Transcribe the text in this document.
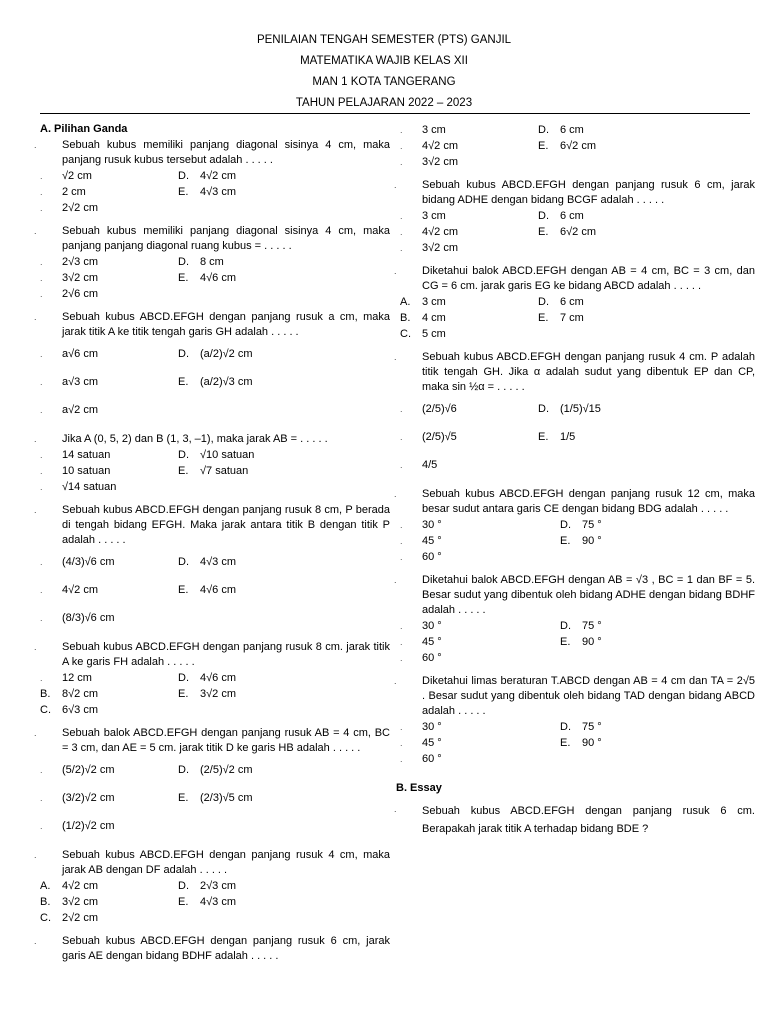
PENILAIAN TENGAH SEMESTER (PTS) GANJIL
MATEMATIKA WAJIB KELAS XII
MAN 1 KOTA TANGERANG
TAHUN PELAJARAN 2022 – 2023
A. Pilihan Ganda
. Sebuah kubus memiliki panjang diagonal sisinya 4 cm, maka panjang rusuk kubus tersebut adalah . . . . .
.	√2 cm	D.	4√2 cm
.	2 cm	E.	4√3 cm
.	2√2 cm
. Sebuah kubus memiliki panjang diagonal sisinya 4 cm, maka panjang panjang diagonal ruang kubus = . . . . .
.	2√3 cm	D.	8 cm
.	3√2 cm	E.	4√6 cm
.	2√6 cm
. Sebuah kubus ABCD.EFGH dengan panjang rusuk a cm, maka jarak titik A ke titik tengah garis GH adalah . . . . .
.	a√6 cm	D.	(a/2)√2 cm
.	a√3 cm	E.	(a/2)√3 cm
.	a√2 cm
. Jika A (0, 5, 2) dan B (1, 3, –1), maka jarak AB = . . . . .
.	14 satuan	D.	√10 satuan
.	10 satuan	E.	√7 satuan
.	√14 satuan
. Sebuah kubus ABCD.EFGH dengan panjang rusuk 8 cm, P berada di tengah bidang EFGH. Maka jarak antara titik B dengan titik P adalah . . . . .
.	(4/3)√6 cm	D.	4√3 cm
.	4√2 cm	E.	4√6 cm
.	(8/3)√6 cm
. Sebuah kubus ABCD.EFGH dengan panjang rusuk 8 cm. jarak titik A ke garis FH adalah . . . . .
.	12 cm	D.	4√6 cm
B.	8√2 cm	E.	3√2 cm
C.	6√3 cm
. Sebuah balok ABCD.EFGH dengan panjang rusuk AB = 4 cm, BC = 3 cm, dan AE = 5 cm. jarak titik D ke garis HB adalah . . . . .
.	(5/2)√2 cm	D.	(2/5)√2 cm
.	(3/2)√2 cm	E.	(2/3)√5 cm
.	(1/2)√2 cm
. Sebuah kubus ABCD.EFGH dengan panjang rusuk 4 cm, maka jarak AB dengan DF adalah . . . . .
A.	4√2 cm	D.	2√3 cm
B.	3√2 cm	E.	4√3 cm
C.	2√2 cm
. Sebuah kubus ABCD.EFGH dengan panjang rusuk 6 cm, jarak garis AE dengan bidang BDHF adalah . . . . .
.	3 cm	D.	6 cm
.	4√2 cm	E.	6√2 cm
.	3√2 cm
. Sebuah kubus ABCD.EFGH dengan panjang rusuk 6 cm, jarak bidang ADHE dengan bidang BCGF adalah . . . . .
.	3 cm	D.	6 cm
.	4√2 cm	E.	6√2 cm
.	3√2 cm
. Diketahui balok ABCD.EFGH dengan AB = 4 cm, BC = 3 cm, dan CG = 6 cm. jarak garis EG ke bidang ABCD adalah . . . . .
A.	3 cm	D.	6 cm
B.	4 cm	E.	7 cm
C.	5 cm
. Sebuah kubus ABCD.EFGH dengan panjang rusuk 4 cm. P adalah titik tengah GH. Jika α adalah sudut yang dibentuk EP dan CP, maka sin ½α = . . . . .
.	(2/5)√6	D.	(1/5)√15
.	(2/5)√5	E.	1/5
.	4/5
. Sebuah kubus ABCD.EFGH dengan panjang rusuk 12 cm, maka besar sudut antara garis CE dengan bidang BDG adalah . . . . .
.	30 °	D.	75 °
.	45 °	E.	90 °
.	60 °
. Diketahui balok ABCD.EFGH dengan AB = √3 , BC = 1 dan BF = 5. Besar sudut yang dibentuk oleh bidang ADHE dengan bidang BDHF adalah . . . . .
.	30 °	D.	75 °
.	45 °	E.	90 °
.	60 °
. Diketahui limas beraturan T.ABCD dengan AB = 4 cm dan TA = 2√5 . Besar sudut yang dibentuk oleh bidang TAD dengan bidang ABCD adalah . . . . .
.	30 °	D.	75 °
.	45 °	E.	90 °
.	60 °
B. Essay
. Sebuah kubus ABCD.EFGH dengan panjang rusuk 6 cm. Berapakah jarak titik A terhadap bidang BDE ?
